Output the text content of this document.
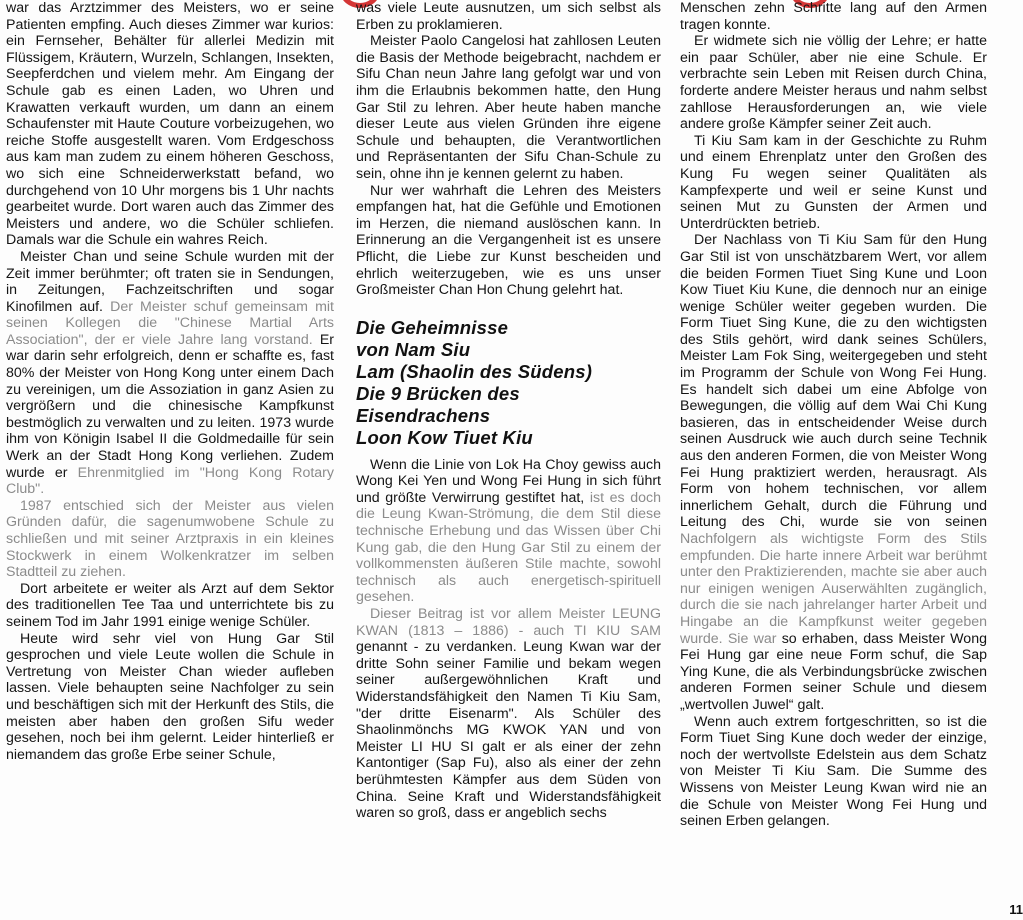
war das Arztzimmer des Meisters, wo er seine Patienten empfing. Auch dieses Zimmer war kurios: ein Fernseher, Behälter für allerlei Medizin mit Flüssigem, Kräutern, Wurzeln, Schlangen, Insekten, Seepferdchen und vielem mehr. Am Eingang der Schule gab es einen Laden, wo Uhren und Krawatten verkauft wurden, um dann an einem Schaufenster mit Haute Couture vorbeizugehen, wo reiche Stoffe ausgestellt waren. Vom Erdgeschoss aus kam man zudem zu einem höheren Geschoss, wo sich eine Schneiderwerkstatt befand, wo durchgehend von 10 Uhr morgens bis 1 Uhr nachts gearbeitet wurde. Dort waren auch das Zimmer des Meisters und andere, wo die Schüler schliefen. Damals war die Schule ein wahres Reich.

Meister Chan und seine Schule wurden mit der Zeit immer berühmter; oft traten sie in Sendungen, in Zeitungen, Fachzeitschriften und sogar Kinofilmen auf. Der Meister schuf gemeinsam mit seinen Kollegen die "Chinese Martial Arts Association", der er viele Jahre lang vorstand. Er war darin sehr erfolgreich, denn er schaffte es, fast 80% der Meister von Hong Kong unter einem Dach zu vereinigen, um die Assoziation in ganz Asien zu vergrößern und die chinesische Kampfkunst bestmöglich zu verwalten und zu leiten. 1973 wurde ihm von Königin Isabel II die Goldmedaille für sein Werk an der Stadt Hong Kong verliehen. Zudem wurde er Ehrenmitglied im "Hong Kong Rotary Club".

1987 entschied sich der Meister aus vielen Gründen dafür, die sagenumwobene Schule zu schließen und mit seiner Arztpraxis in ein kleines Stockwerk in einem Wolkenkratzer im selben Stadtteil zu ziehen.

Dort arbeitete er weiter als Arzt auf dem Sektor des traditionellen Tee Taa und unterrichtete bis zu seinem Tod im Jahr 1991 einige wenige Schüler.

Heute wird sehr viel von Hung Gar Stil gesprochen und viele Leute wollen die Schule in Vertretung von Meister Chan wieder aufleben lassen. Viele behaupten seine Nachfolger zu sein und beschäftigen sich mit der Herkunft des Stils, die meisten aber haben den großen Sifu weder gesehen, noch bei ihm gelernt. Leider hinterließ er niemandem das große Erbe seiner Schule,

was viele Leute ausnutzen, um sich selbst als Erben zu proklamieren.

Meister Paolo Cangelosi hat zahllosen Leuten die Basis der Methode beigebracht, nachdem er Sifu Chan neun Jahre lang gefolgt war und von ihm die Erlaubnis bekommen hatte, den Hung Gar Stil zu lehren. Aber heute haben manche dieser Leute aus vielen Gründen ihre eigene Schule und behaupten, die Verantwortlichen und Repräsentanten der Sifu Chan-Schule zu sein, ohne ihn je kennen gelernt zu haben.

Nur wer wahrhaft die Lehren des Meisters empfangen hat, hat die Gefühle und Emotionen im Herzen, die niemand auslöschen kann. In Erinnerung an die Vergangenheit ist es unsere Pflicht, die Liebe zur Kunst bescheiden und ehrlich weiterzugeben, wie es uns unser Großmeister Chan Hon Chung gelehrt hat.

Die Geheimnisse
von Nam Siu
Lam (Shaolin des Südens)
Die 9 Brücken des
Eisendrachens
Loon Kow Tiuet Kiu

Wenn die Linie von Lok Ha Choy gewiss auch Wong Kei Yen und Wong Fei Hung in sich führt und größte Verwirrung gestiftet hat, ist es doch die Leung Kwan-Strömung, die dem Stil diese technische Erhebung und das Wissen über Chi Kung gab, die den Hung Gar Stil zu einem der vollkommensten äußeren Stile machte, sowohl technisch als auch energetisch-spirituell gesehen.

Dieser Beitrag ist vor allem Meister LEUNG KWAN (1813 – 1886) - auch TI KIU SAM genannt - zu verdanken. Leung Kwan war der dritte Sohn seiner Familie und bekam wegen seiner außergewöhnlichen Kraft und Widerstandsfähigkeit den Namen Ti Kiu Sam, "der dritte Eisenarm". Als Schüler des Shaolinmönchs MG KWOK YAN und von Meister LI HU SI galt er als einer der zehn Kantontiger (Sap Fu), also als einer der zehn berühmtesten Kämpfer aus dem Süden von China. Seine Kraft und Widerstandsfähigkeit waren so groß, dass er angeblich sechs

Menschen zehn Schritte lang auf den Armen tragen konnte.

Er widmete sich nie völlig der Lehre; er hatte ein paar Schüler, aber nie eine Schule. Er verbrachte sein Leben mit Reisen durch China, forderte andere Meister heraus und nahm selbst zahllose Herausforderungen an, wie viele andere große Kämpfer seiner Zeit auch.

Ti Kiu Sam kam in der Geschichte zu Ruhm und einem Ehrenplatz unter den Großen des Kung Fu wegen seiner Qualitäten als Kampfexperte und weil er seine Kunst und seinen Mut zu Gunsten der Armen und Unterdrückten betrieb.

Der Nachlass von Ti Kiu Sam für den Hung Gar Stil ist von unschätzbarem Wert, vor allem die beiden Formen Tiuet Sing Kune und Loon Kow Tiuet Kiu Kune, die dennoch nur an einige wenige Schüler weiter gegeben wurden. Die Form Tiuet Sing Kune, die zu den wichtigsten des Stils gehört, wird dank seines Schülers, Meister Lam Fok Sing, weitergegeben und steht im Programm der Schule von Wong Fei Hung. Es handelt sich dabei um eine Abfolge von Bewegungen, die völlig auf dem Wai Chi Kung basieren, das in entscheidender Weise durch seinen Ausdruck wie auch durch seine Technik aus den anderen Formen, die von Meister Wong Fei Hung praktiziert werden, herausragt. Als Form von hohem technischen, vor allem innerlichem Gehalt, durch die Führung und Leitung des Chi, wurde sie von seinen Nachfolgern als wichtigste Form des Stils empfunden. Die harte innere Arbeit war berühmt unter den Praktizierenden, machte sie aber auch nur einigen wenigen Auserwählten zugänglich, durch die sie nach jahrelanger harter Arbeit und Hingabe an die Kampfkunst weiter gegeben wurde. Sie war so erhaben, dass Meister Wong Fei Hung gar eine neue Form schuf, die Sap Ying Kune, die als Verbindungsbrücke zwischen anderen Formen seiner Schule und diesem „wertvollen Juwel“ galt.

Wenn auch extrem fortgeschritten, so ist die Form Tiuet Sing Kune doch weder der einzige, noch der wertvollste Edelstein aus dem Schatz von Meister Ti Kiu Sam. Die Summe des Wissens von Meister Leung Kwan wird nie an die Schule von Meister Wong Fei Hung und seinen Erben gelangen.

11
